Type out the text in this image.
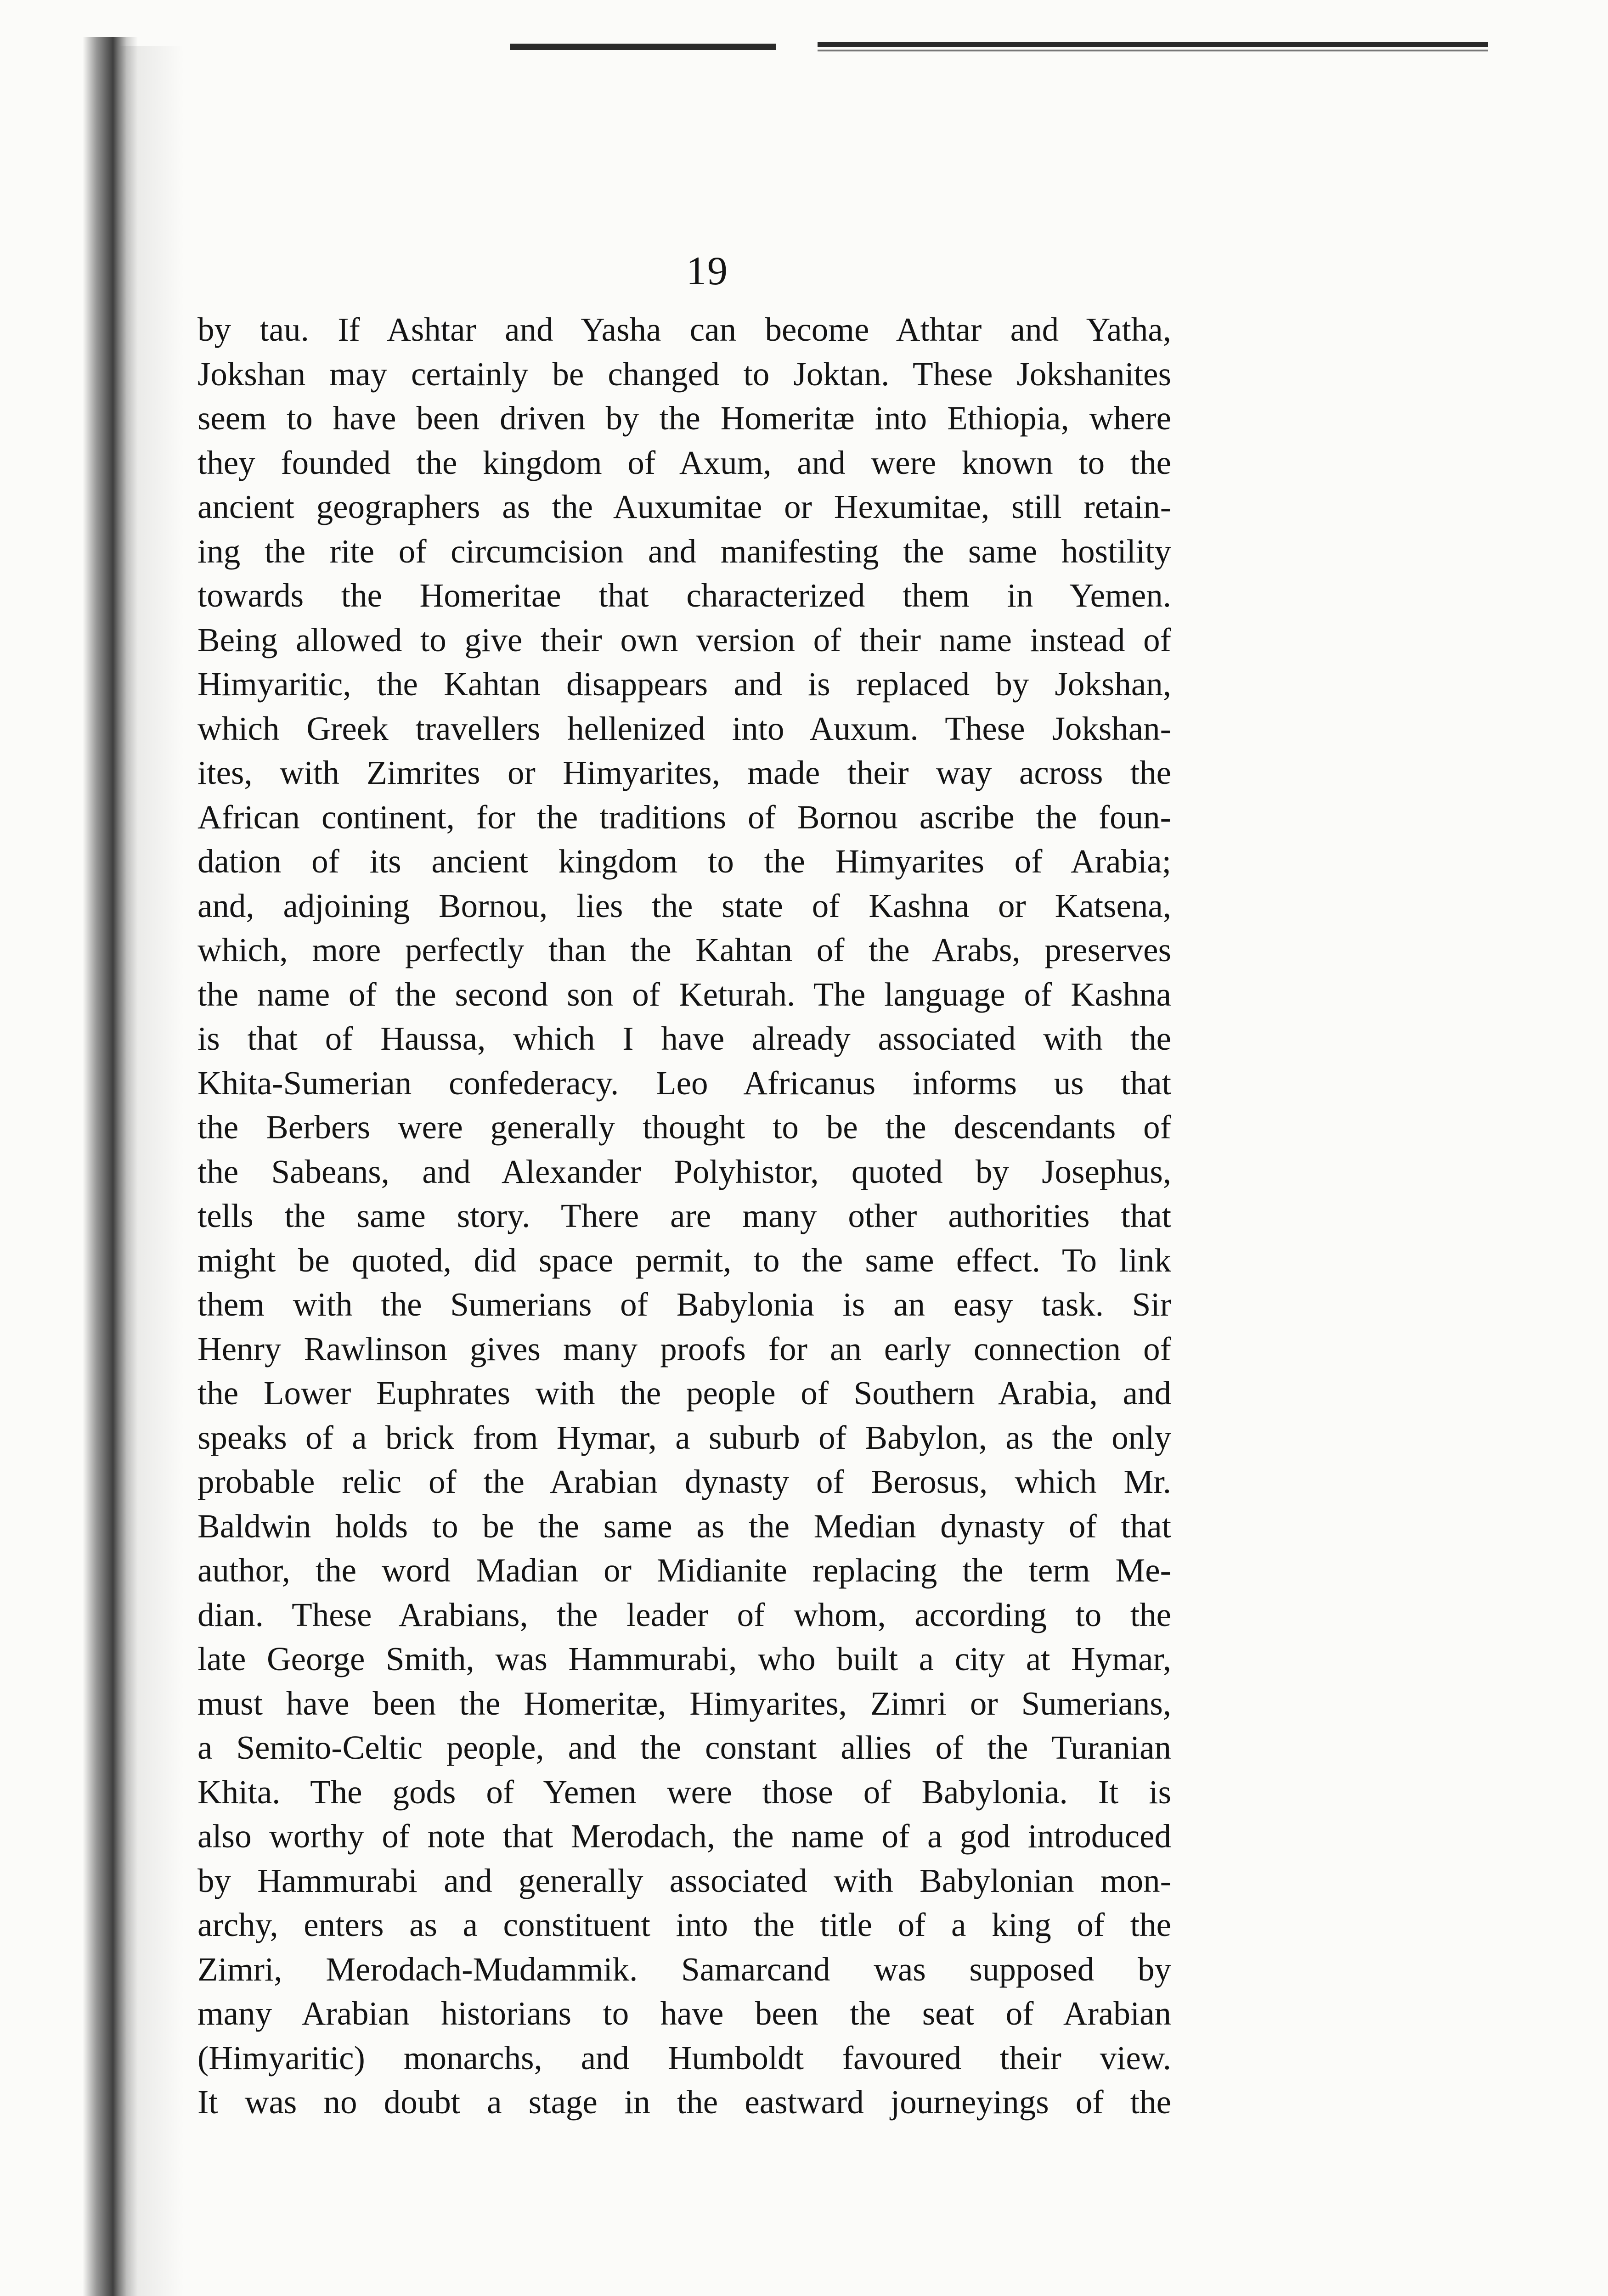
19
by tau. If Ashtar and Yasha can become Athtar and Yatha,
Jokshan may certainly be changed to Joktan. These Jokshanites
seem to have been driven by the Homeritæ into Ethiopia, where
they founded the kingdom of Axum, and were known to the
ancient geographers as the Auxumitae or Hexumitae, still retain-
ing the rite of circumcision and manifesting the same hostility
towards the Homeritae that characterized them in Yemen.
Being allowed to give their own version of their name instead of
Himyaritic, the Kahtan disappears and is replaced by Jokshan,
which Greek travellers hellenized into Auxum. These Jokshan-
ites, with Zimrites or Himyarites, made their way across the
African continent, for the traditions of Bornou ascribe the foun-
dation of its ancient kingdom to the Himyarites of Arabia;
and, adjoining Bornou, lies the state of Kashna or Katsena,
which, more perfectly than the Kahtan of the Arabs, preserves
the name of the second son of Keturah. The language of Kashna
is that of Haussa, which I have already associated with the
Khita-Sumerian confederacy. Leo Africanus informs us that
the Berbers were generally thought to be the descendants of
the Sabeans, and Alexander Polyhistor, quoted by Josephus,
tells the same story. There are many other authorities that
might be quoted, did space permit, to the same effect. To link
them with the Sumerians of Babylonia is an easy task. Sir
Henry Rawlinson gives many proofs for an early connection of
the Lower Euphrates with the people of Southern Arabia, and
speaks of a brick from Hymar, a suburb of Babylon, as the only
probable relic of the Arabian dynasty of Berosus, which Mr.
Baldwin holds to be the same as the Median dynasty of that
author, the word Madian or Midianite replacing the term Me-
dian. These Arabians, the leader of whom, according to the
late George Smith, was Hammurabi, who built a city at Hymar,
must have been the Homeritæ, Himyarites, Zimri or Sumerians,
a Semito-Celtic people, and the constant allies of the Turanian
Khita. The gods of Yemen were those of Babylonia. It is
also worthy of note that Merodach, the name of a god introduced
by Hammurabi and generally associated with Babylonian mon-
archy, enters as a constituent into the title of a king of the
Zimri, Merodach-Mudammik. Samarcand was supposed by
many Arabian historians to have been the seat of Arabian
(Himyaritic) monarchs, and Humboldt favoured their view.
It was no doubt a stage in the eastward journeyings of the
